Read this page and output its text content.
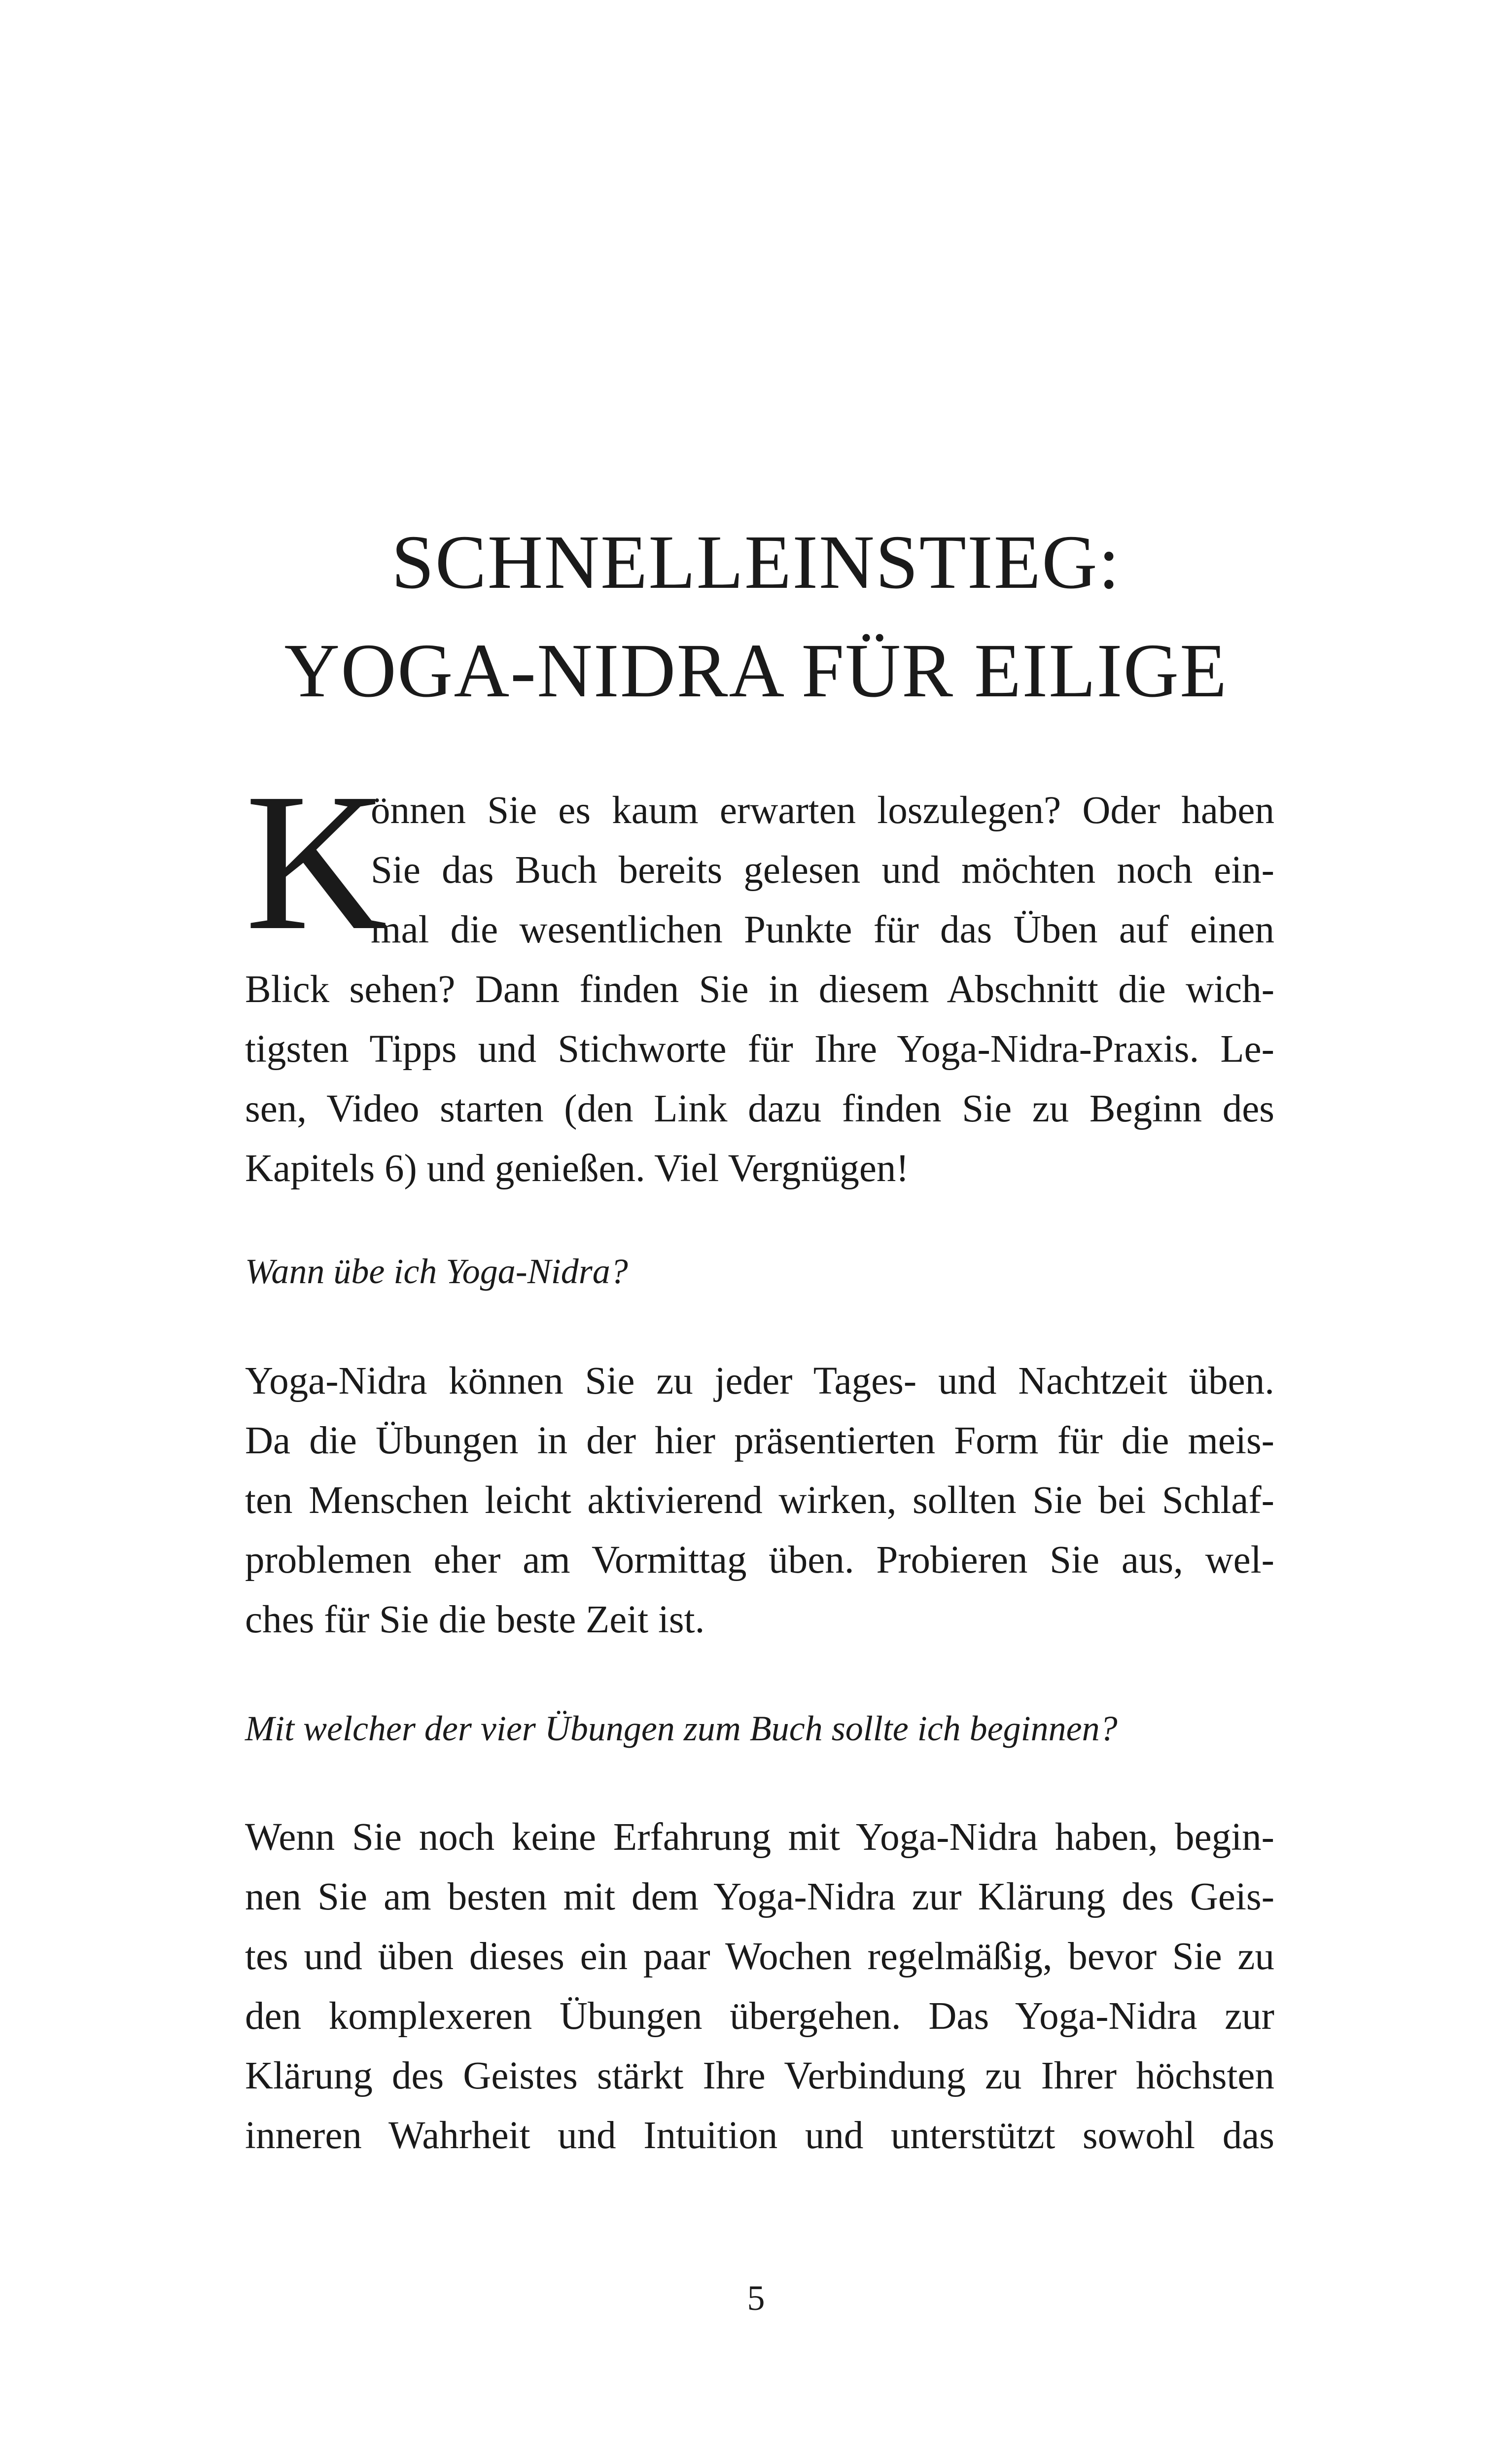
SCHNELLEINSTIEG:
YOGA-NIDRA FÜR EILIGE
K
önnen Sie es kaum erwarten loszulegen? Oder haben
Sie das Buch bereits gelesen und möchten noch ein-
mal die wesentlichen Punkte für das Üben auf einen
Blick sehen? Dann finden Sie in diesem Abschnitt die wich-
tigsten Tipps und Stichworte für Ihre Yoga-Nidra-Praxis. Le-
sen, Video starten (den Link dazu finden Sie zu Beginn des
Kapitels 6) und genießen. Viel Vergnügen!
Wann übe ich Yoga-Nidra?
Yoga-Nidra können Sie zu jeder Tages- und Nachtzeit üben.
Da die Übungen in der hier präsentierten Form für die meis-
ten Menschen leicht aktivierend wirken, sollten Sie bei Schlaf-
problemen eher am Vormittag üben. Probieren Sie aus, wel-
ches für Sie die beste Zeit ist.
Mit welcher der vier Übungen zum Buch sollte ich beginnen?
Wenn Sie noch keine Erfahrung mit Yoga-Nidra haben, begin-
nen Sie am besten mit dem Yoga-Nidra zur Klärung des Geis-
tes und üben dieses ein paar Wochen regelmäßig, bevor Sie zu
den komplexeren Übungen übergehen. Das Yoga-Nidra zur
Klärung des Geistes stärkt Ihre Verbindung zu Ihrer höchsten
inneren Wahrheit und Intuition und unterstützt sowohl das
5
